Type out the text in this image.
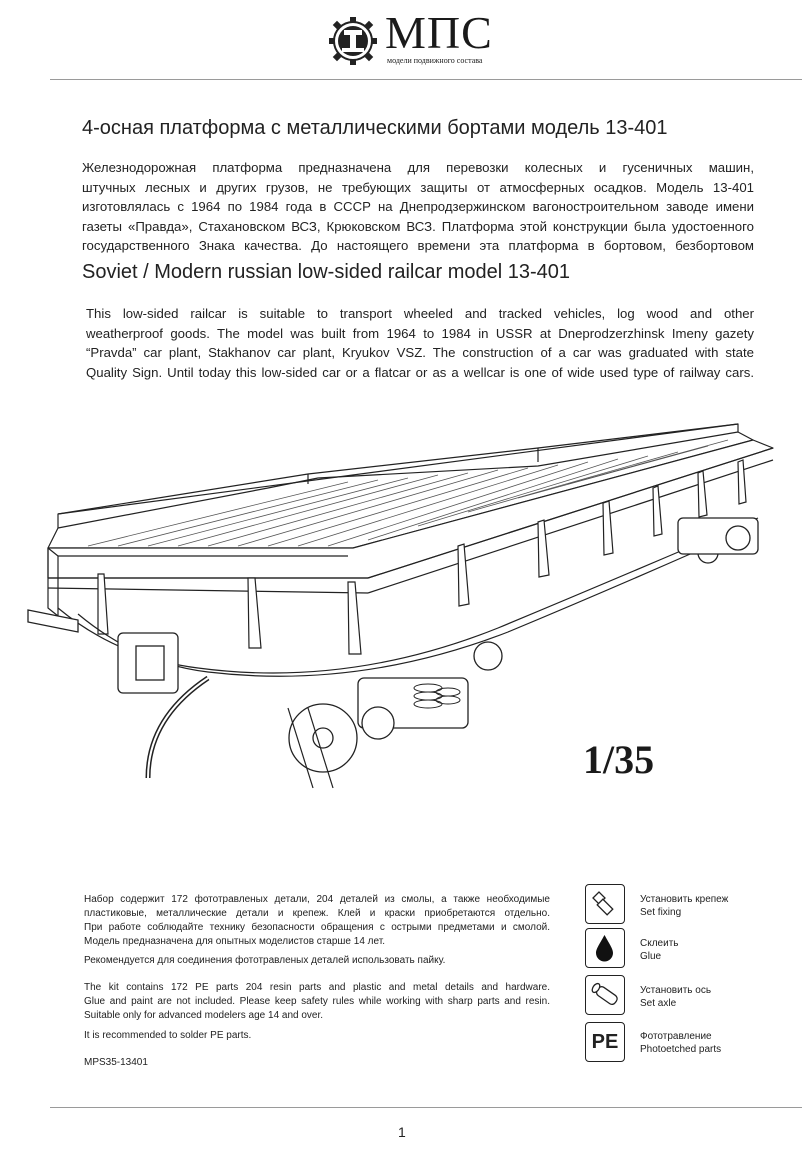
МПС
модели подвижного состава
4-осная платформа с металлическими бортами модель 13-401
Железнодорожная платформа предназначена для перевозки колесных и гусеничных машин,
штучных лесных и других грузов, не требующих защиты от атмосферных осадков. Модель 13-401
изготовлялась с 1964 по 1984 года в СССР на Днепродзержинском вагоностроительном заводе имени
газеты «Правда», Стахановском ВСЗ, Крюковском ВСЗ. Платформа этой конструкции была удостоенного
государственного Знака качества. До настоящего времени эта платформа в бортовом, безбортовом
Soviet / Modern russian low-sided railcar model 13-401
This low-sided railcar is suitable to transport wheeled and tracked vehicles, log wood and other
weatherproof goods. The model was built from 1964 to 1984 in USSR at Dneprodzerzhinsk Imeny gazety
“Pravda” car plant, Stakhanov car plant, Kryukov VSZ. The construction of a car was graduated with state
Quality Sign. Until today this low-sided car or a flatcar or as a wellcar is one of wide used type of railway cars.
1/35
Набор содержит 172 фототравленых детали, 204 деталей из смолы, а также необходимые
пластиковые, металлические детали и крепеж. Клей и краски приобретаются отдельно.
При работе соблюдайте технику безопасности обращения с острыми предметами и смолой.
Модель предназначена для опытных моделистов старше 14 лет.
Рекомендуется для соединения фототравленых деталей использовать пайку.
The kit contains 172 PE parts 204 resin parts and plastic and metal details and hardware.
Glue and paint are not included. Please keep safety rules while working with sharp parts and resin.
Suitable only for advanced modelers age 14 and over.
It is recommended to solder PE parts.
MPS35-13401
Установить крепеж
Set fixing
Склеить
Glue
Установить ось
Set axle
PE	Фототравление
Photoetched parts
1
